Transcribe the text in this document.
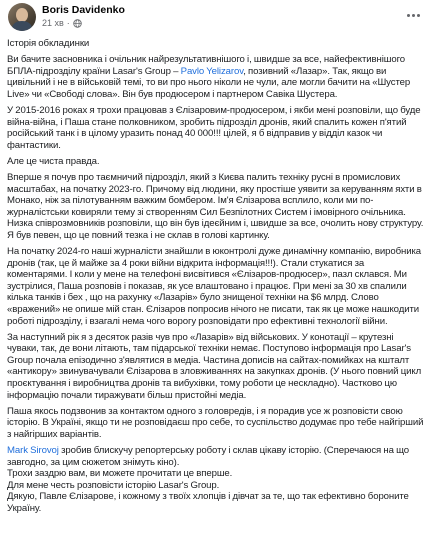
Boris Davidenko
21 хв ·

Історія обкладинки

Ви бачите засновника і очільник найрезультативнішого і, швидше за все, найефективнішого БПЛА-підрозділу країни Lasar's Group – Pavlo Yelizarov, позивний «Лазар». Так, якщо ви цивільний і не в військовій темі, то ви про нього ніколи не чули, але могли бачити на «Шустер Live» чи «Свободі слова». Він був продюсером і партнером Савіка Шустера.

У 2015-2016 роках я трохи працював з Єлізаровим-продюсером, і якби мені розповіли, що буде війна-війна, і Паша стане полковником, зробить підрозділ дронів, який спалить кожен п'ятий російський танк і в цілому уразить понад 40 000!!! цілей, я б відправив у відділ казок чи фантастики.

Але це чиста правда.

Вперше я почув про таємничий підрозділ, який з Києва палить техніку русні в промислових масштабах, на початку 2023-го. Причому від людини, яку простіше уявити за керуванням яхти в Монако, ніж за пілотуванням важким бомбером. Ім'я Єлізарова всплило, коли ми по-журналістськи ковиряли тему зі створенням Сил Безпілотних Систем і імовірного очільника. Низка співрозмовників розповіли, що він був ідеєйним і, швидше за все, очолить нову структуру. Я був певен, що це повний тезка і не склав в голові картинку.

На початку 2024-го наші журналісти знайшли в юконтролі дуже динамічну компанію, виробника дронів (так, це й майже за 4 роки війни відкрита інформація!!!). Стали стукатися за коментарями. І коли у мене на телефоні висвітився «Єлізаров-продюсер», пазл склався. Ми зустрілися, Паша розповів і показав, як усе влаштовано і працює. При мені за 30 хв спалили кілька танків і бех , що на рахунку «Лазарів» було знищеної техніки на $6 млрд. Слово «вражений» не опише мій стан. Єлізаров попросив нічого не писати, так як це може нашкодити роботі підрозділу, і взагалі нема чого ворогу розповідати про ефективні технології війни.

За наступний рік я з десяток разів чув про «Лазарів» від військових. У конотації – крутезні чуваки, так, де вони літають, там підарської техніки немає. Поступово інформація про Lasar's Group почала епізодично з'являтися в медіа. Частина дописів на сайтах-помийках на кшталт «антикору» звинувачували Єлізарова в зловживаннях на закупках дронів. (У нього повний цикл проєктування і виробництва дронів та вибухівки, тому роботи це нескладно). Частково цю інформацію почали тиражувати більш пристойні медіа.

Паша якось подзвонив за контактом одного з головредів, і я порадив усе ж розповісти свою історію. В Україні, якщо ти не розповідаєш про себе, то суспільство додумає про тебе найгірший з найгірших варіантів.

Mark Sirovoj зробив блискучу репортерську роботу і склав цікаву історію. (Сперечаюся на що завгодно, за цим сюжетом знімуть кіно).

Трохи заздрю вам, ви можете прочитати це вперше.

Для мене честь розповісти історію Lasar's Group.

Дякую, Павле Єлізарове, і кожному з твоїх хлопців і дівчат за те, що так ефективно бороните Україну.
